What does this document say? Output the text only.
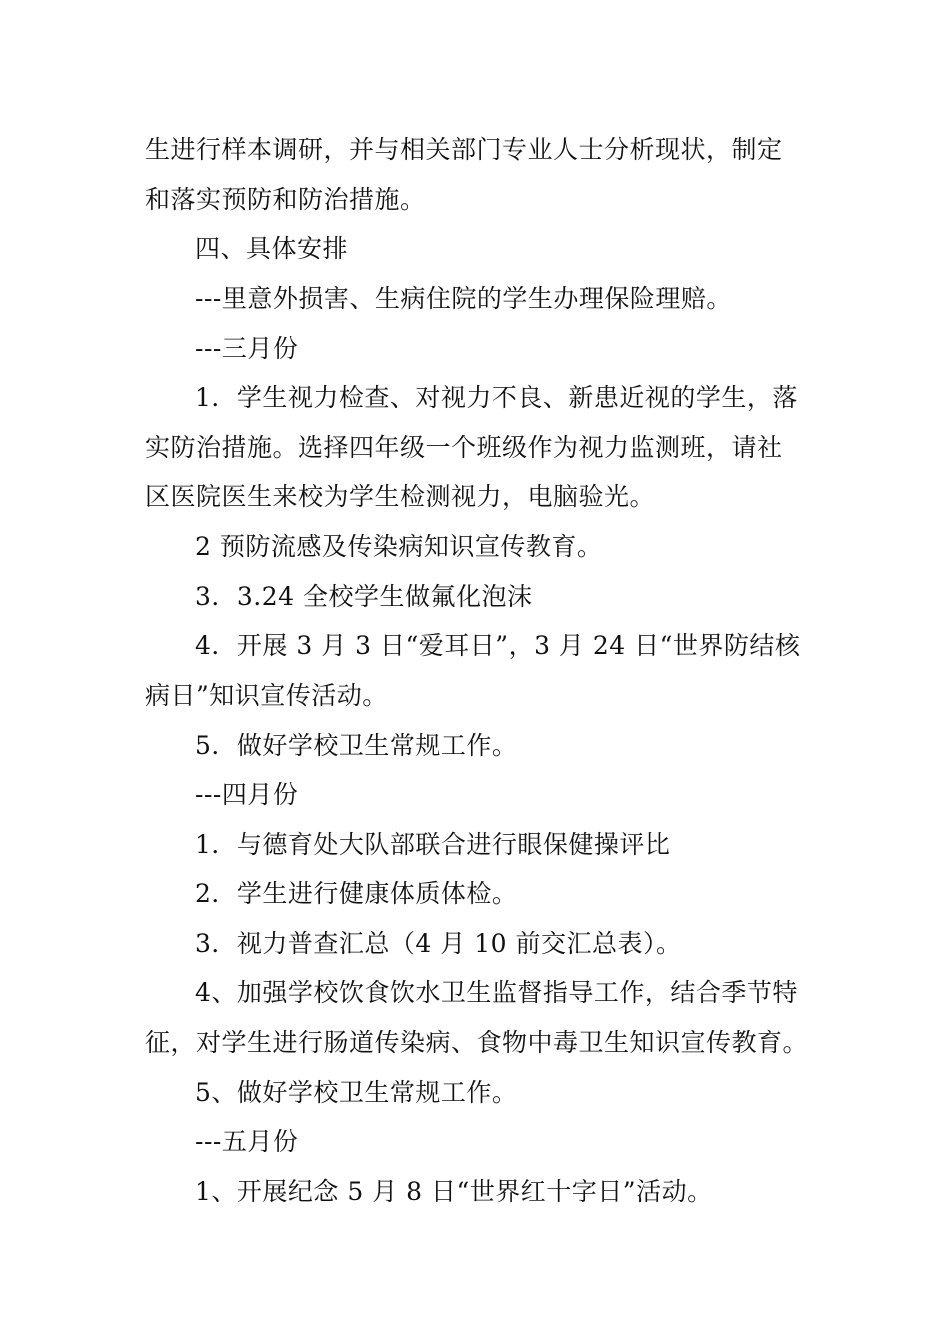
生进行样本调研，并与相关部门专业人士分析现状，制定
和落实预防和防治措施。

四、具体安排

---里意外损害、生病住院的学生办理保险理赔。

---三月份

1．学生视力检查、对视力不良、新患近视的学生，落
实防治措施。选择四年级一个班级作为视力监测班，请社
区医院医生来校为学生检测视力，电脑验光。

2 预防流感及传染病知识宣传教育。

3．3.24 全校学生做氟化泡沫

4．开展 3 月 3 日“爱耳日”，3 月 24 日“世界防结核
病日”知识宣传活动。

5．做好学校卫生常规工作。

---四月份

1．与德育处大队部联合进行眼保健操评比

2．学生进行健康体质体检。

3．视力普查汇总（4 月 10 前交汇总表）。

4、加强学校饮食饮水卫生监督指导工作，结合季节特
征，对学生进行肠道传染病、食物中毒卫生知识宣传教育。

5、做好学校卫生常规工作。

---五月份

1、开展纪念 5 月 8 日“世界红十字日”活动。
